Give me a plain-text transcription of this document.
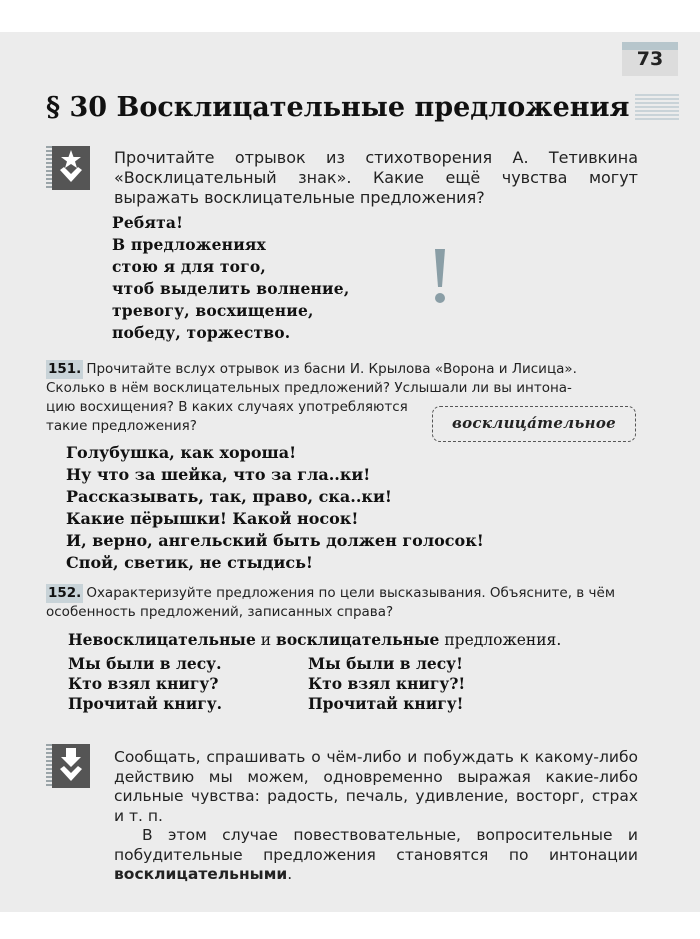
73
§ 30 Восклицательные предложения
Прочитайте отрывок из стихотворения А. Тетивкина «Восклицательный знак». Какие ещё чувства могут выражать восклицательные предложения?
Ребята!
В предложениях
стою я для того,
чтоб выделить волнение,
тревогу, восхищение,
победу, торжество.
151. Прочитайте вслух отрывок из басни И. Крылова «Ворона и Лисица». Сколько в нём восклицательных предложений? Услышали ли вы интона-
цию восхищения? В каких случаях употребляются такие предложения?	восклица́тельное
Голубушка, как хороша!
Ну что за шейка, что за гла..ки!
Рассказывать, так, право, ска..ки!
Какие пёрышки! Какой носок!
И, верно, ангельский быть должен голосок!
Спой, светик, не стыдись!
152. Охарактеризуйте предложения по цели высказывания. Объясните, в чём особенность предложений, записанных справа?
Невосклицательные и восклицательные предложения.
Мы были в лесу.
Кто взял книгу?
Прочитай книгу.
Мы были в лесу!
Кто взял книгу?!
Прочитай книгу!

Сообщать, спрашивать о чём-либо и побуждать к какому-либо действию мы можем, одновременно выражая какие-либо сильные чувства: радость, печаль, удивление, восторг, страх и т. п.

В этом случае повествовательные, вопросительные и побудительные предложения становятся по интонации восклицательными.
